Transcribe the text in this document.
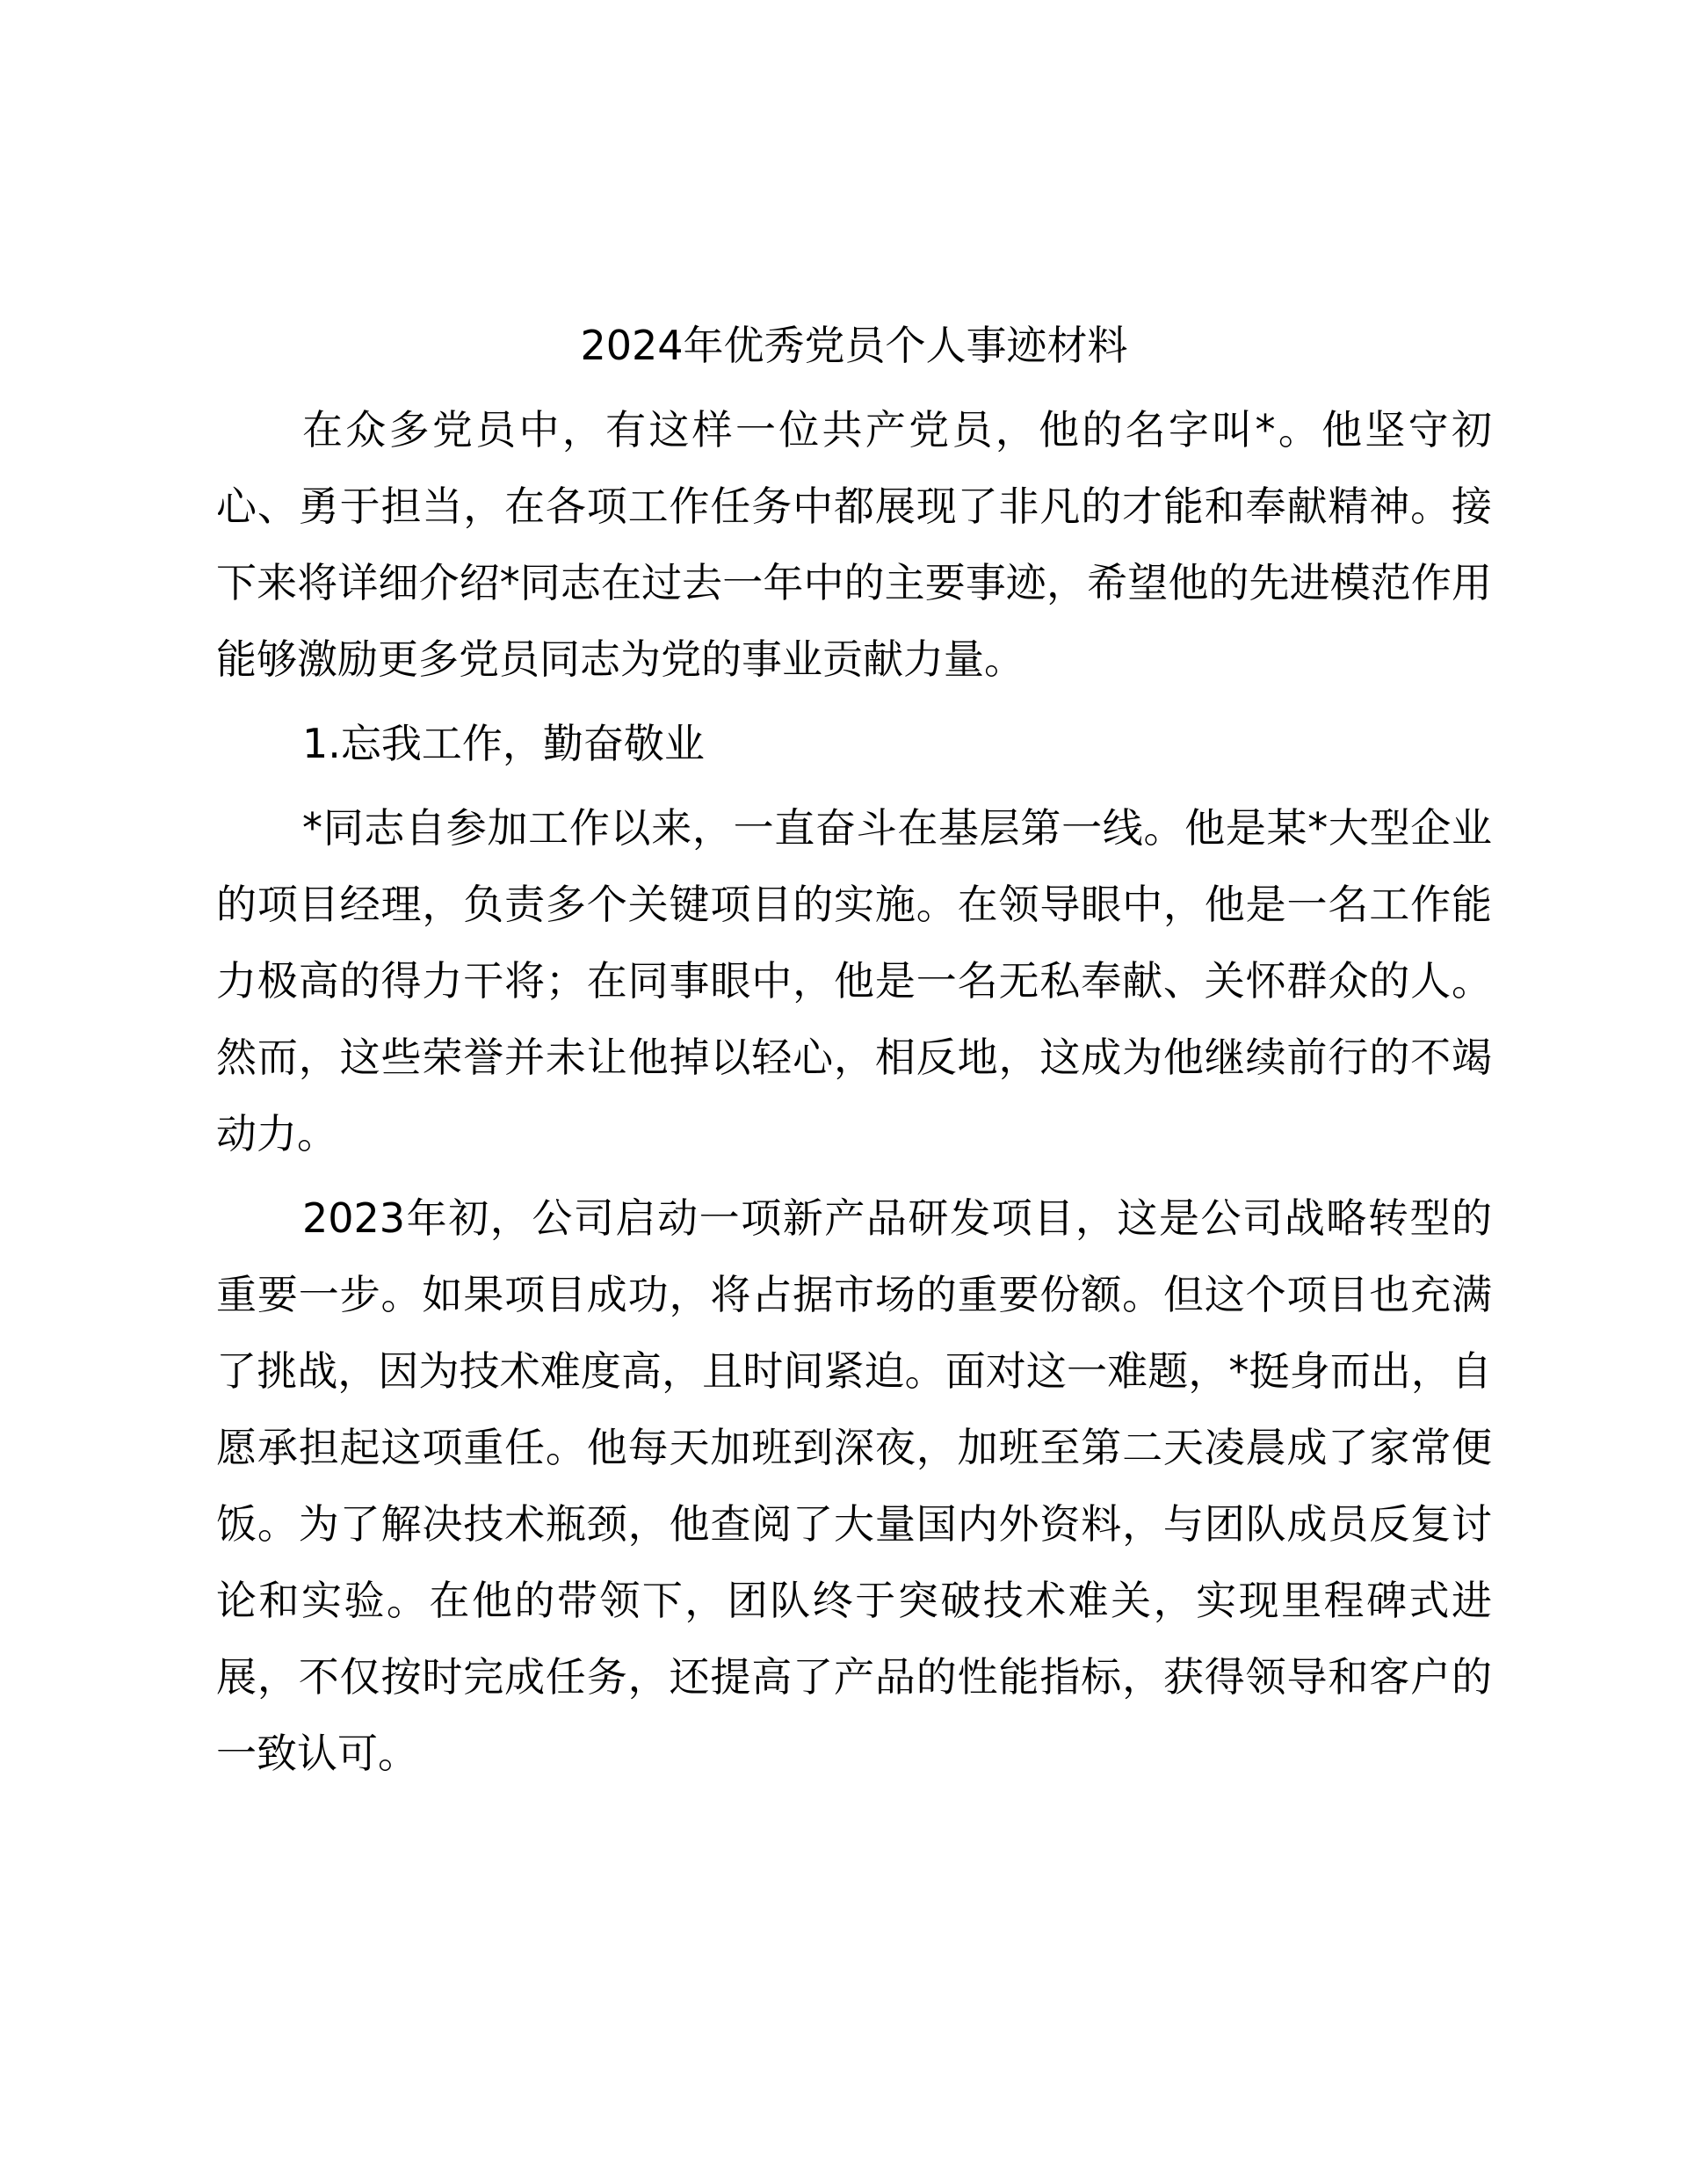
2024年优秀党员个人事迹材料

在众多党员中，有这样一位共产党员，他的名字叫*。他坚守初心、勇于担当，在各项工作任务中都展现了非凡的才能和奉献精神。接下来将详细介绍*同志在过去一年中的主要事迹，希望他的先进模范作用能够激励更多党员同志为党的事业贡献力量。

1.忘我工作，勤奋敬业

*同志自参加工作以来，一直奋斗在基层第一线。他是某*大型企业的项目经理，负责多个关键项目的实施。在领导眼中，他是一名工作能力极高的得力干将；在同事眼中，他是一名无私奉献、关怀群众的人。然而，这些荣誉并未让他掉以轻心，相反地，这成为他继续前行的不竭动力。

2023年初，公司启动一项新产品研发项目，这是公司战略转型的重要一步。如果项目成功，将占据市场的重要份额。但这个项目也充满了挑战，因为技术难度高，且时间紧迫。面对这一难题，*挺身而出，自愿承担起这项重任。他每天加班到深夜，加班至第二天凌晨成了家常便饭。为了解决技术瓶颈，他查阅了大量国内外资料，与团队成员反复讨论和实验。在他的带领下，团队终于突破技术难关，实现里程碑式进展，不仅按时完成任务，还提高了产品的性能指标，获得领导和客户的一致认可。
